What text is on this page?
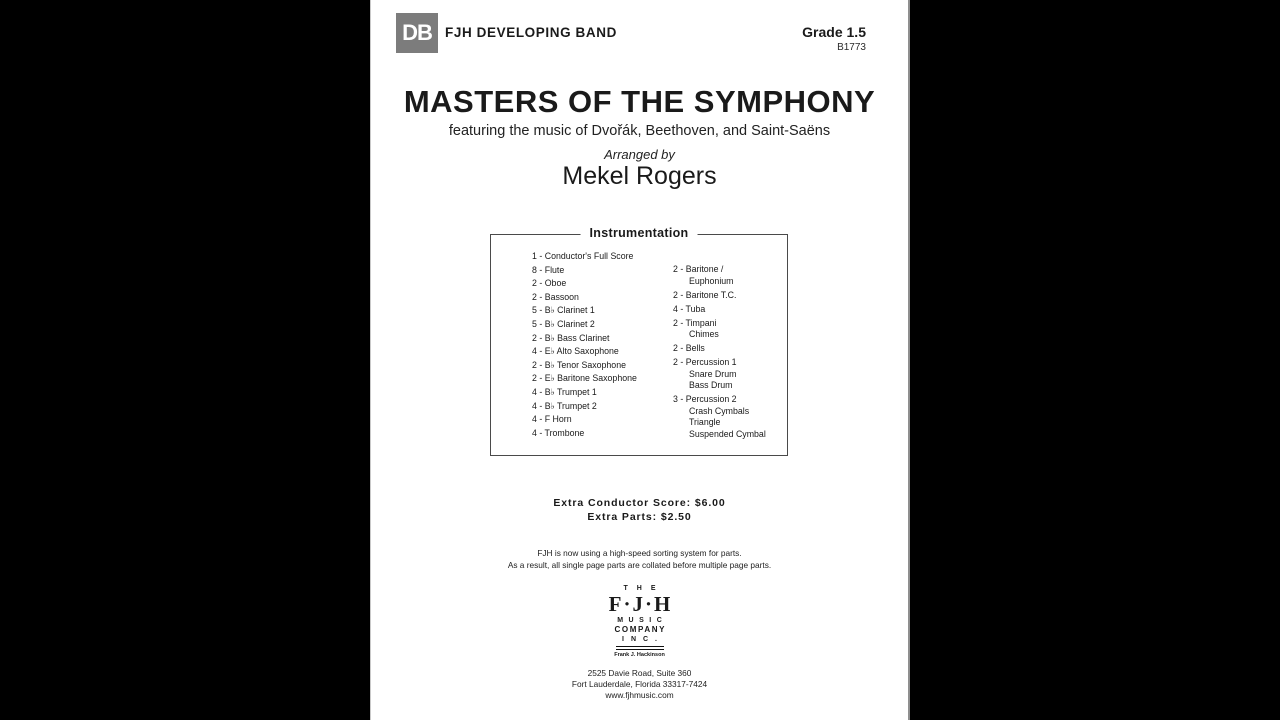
DB FJH DEVELOPING BAND	Grade 1.5
B1773
MASTERS OF THE SYMPHONY
featuring the music of Dvořák, Beethoven, and Saint-Saëns
Arranged by
Mekel Rogers
Instrumentation
1 - Conductor's Full Score
8 - Flute
2 - Oboe
2 - Bassoon
5 - B♭ Clarinet 1
5 - B♭ Clarinet 2
2 - B♭ Bass Clarinet
4 - E♭ Alto Saxophone
2 - B♭ Tenor Saxophone
2 - E♭ Baritone Saxophone
4 - B♭ Trumpet 1
4 - B♭ Trumpet 2
4 - F Horn
4 - Trombone
2 - Baritone /
Euphonium
2 - Baritone T.C.
4 - Tuba
2 - Timpani
Chimes
2 - Bells
2 - Percussion 1
Snare Drum
Bass Drum
3 - Percussion 2
Crash Cymbals
Triangle
Suspended Cymbal
Extra Conductor Score: $6.00
Extra Parts: $2.50
FJH is now using a high-speed sorting system for parts.
As a result, all single page parts are collated before multiple page parts.
THE
F·J·H
MUSIC
COMPANY
INC.
Frank J. Hackinson
2525 Davie Road, Suite 360
Fort Lauderdale, Florida 33317-7424
www.fjhmusic.com
